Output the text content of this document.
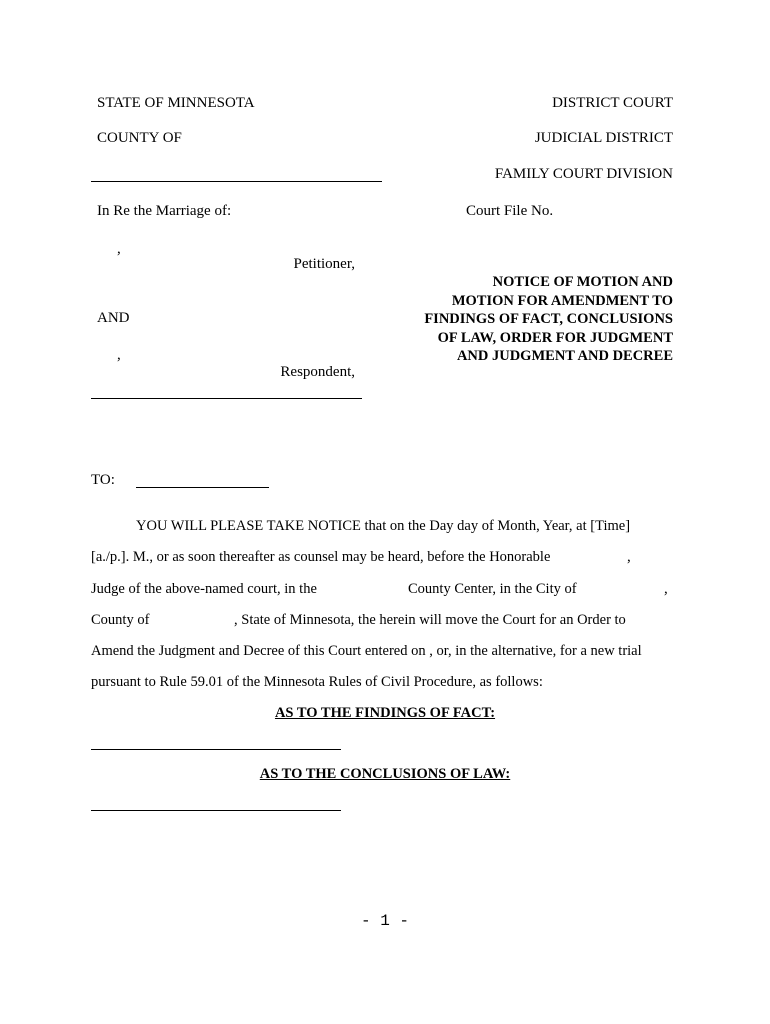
STATE OF MINNESOTA	DISTRICT COURT
COUNTY OF	JUDICIAL DISTRICT
FAMILY COURT DIVISION
In Re the Marriage of:	Court File No.
,
Petitioner,
AND
,
Respondent,
NOTICE OF MOTION AND
MOTION FOR AMENDMENT TO
FINDINGS OF FACT, CONCLUSIONS
OF LAW, ORDER FOR JUDGMENT
AND JUDGMENT AND DECREE
TO:
YOU WILL PLEASE TAKE NOTICE that on the Day day of Month, Year, at [Time]
[a./p.]. M., or as soon thereafter as counsel may be heard, before the Honorable	,
Judge of the above-named court, in the	County Center, in the City of	,
County of	, State of Minnesota, the herein will move the Court for an Order to
Amend the Judgment and Decree of this Court entered on , or, in the alternative, for a new trial
pursuant to Rule 59.01 of the Minnesota Rules of Civil Procedure, as follows:
AS TO THE FINDINGS OF FACT:
AS TO THE CONCLUSIONS OF LAW:
- 1 -
